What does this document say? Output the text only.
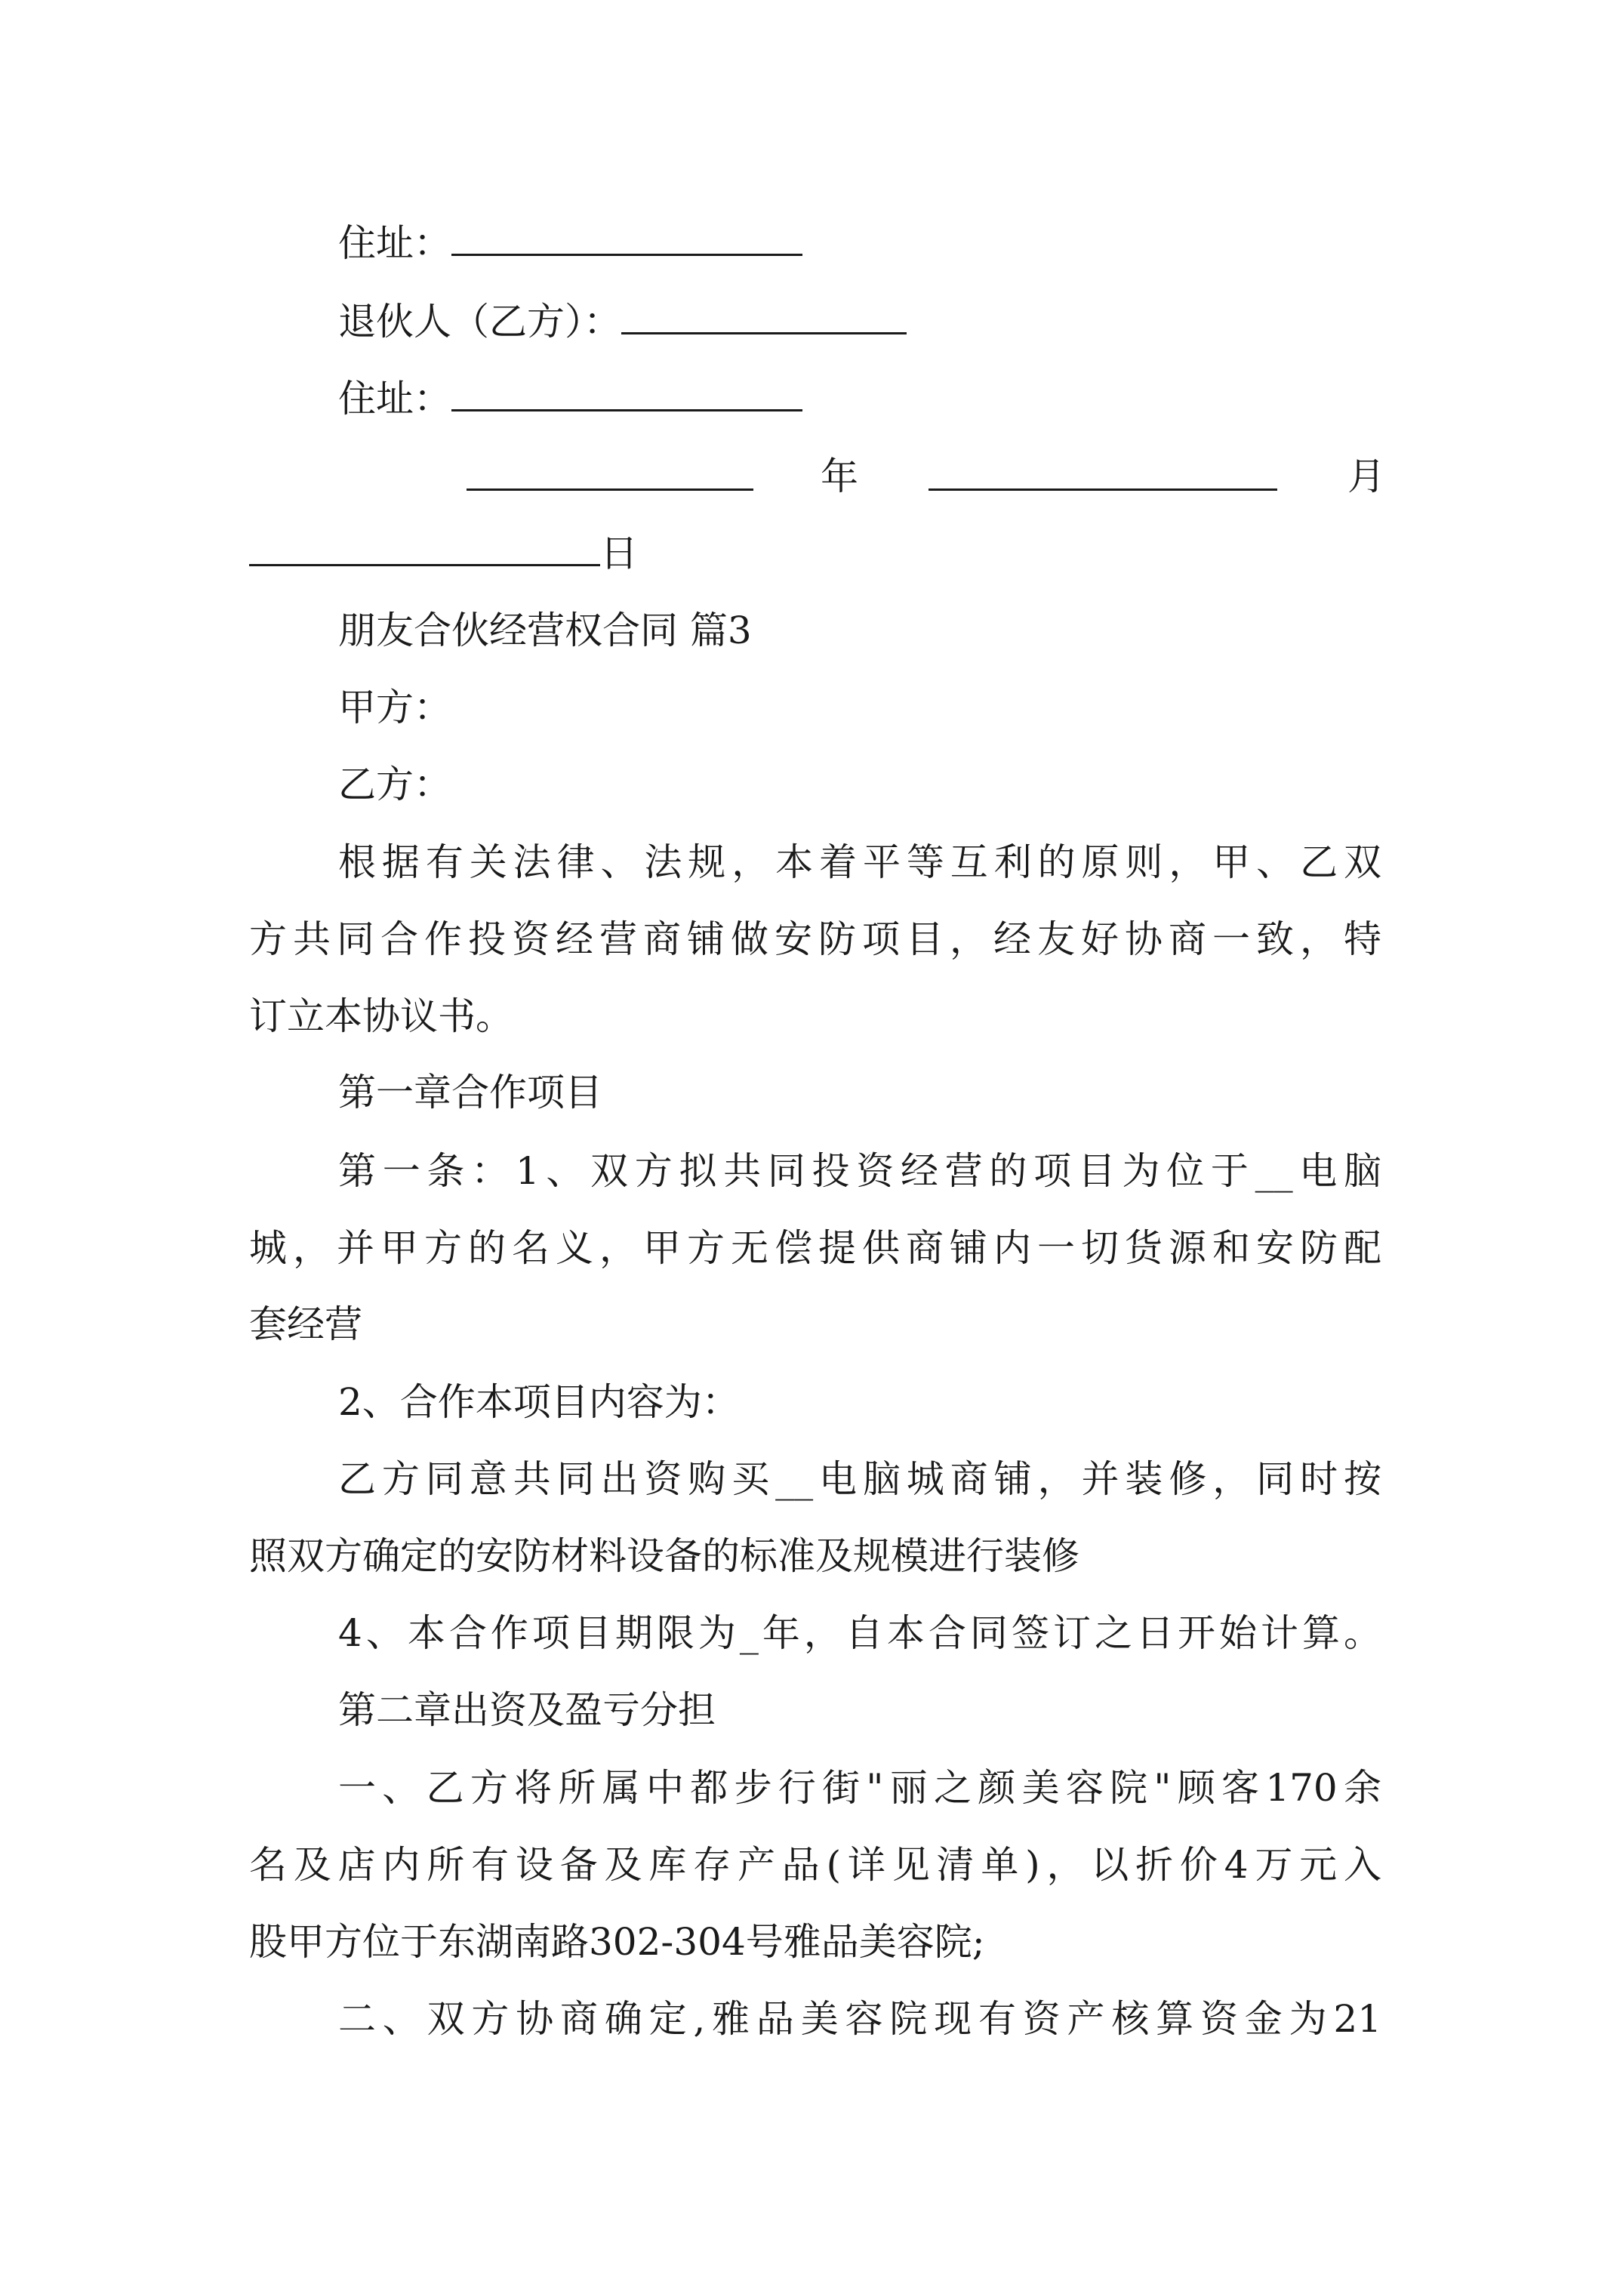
住址：
退伙人（乙方）：
住址：
年	月
日
朋友合伙经营权合同 篇3
甲方：
乙方：
根据有关法律、法规，本着平等互利的原则，甲、乙双
方共同合作投资经营商铺做安防项目，经友好协商一致，特
订立本协议书。
第一章合作项目
第一条：1、双方拟共同投资经营的项目为位于__电脑
城，并甲方的名义，甲方无偿提供商铺内一切货源和安防配
套经营
2、合作本项目内容为：
乙方同意共同出资购买__电脑城商铺，并装修，同时按
照双方确定的安防材料设备的标准及规模进行装修
4、本合作项目期限为_年，自本合同签订之日开始计算。
第二章出资及盈亏分担
一、乙方将所属中都步行街"丽之颜美容院"顾客170余
名及店内所有设备及库存产品(详见清单)，以折价4万元入
股甲方位于东湖南路302-304号雅品美容院;
二、双方协商确定,雅品美容院现有资产核算资金为21
